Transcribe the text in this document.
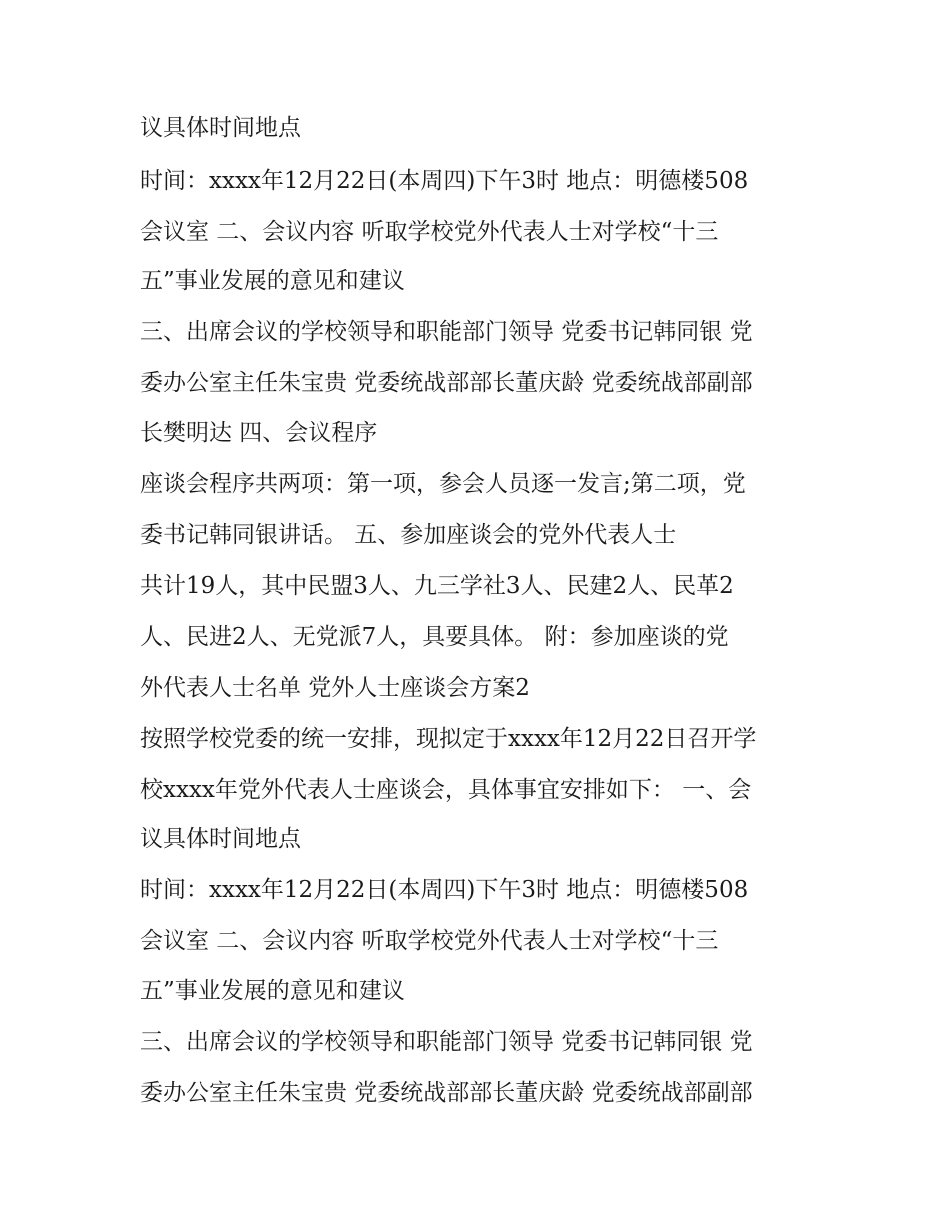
议具体时间地点
时间：xxxx年12月22日(本周四)下午3时 地点：明德楼508
会议室 二、会议内容 听取学校党外代表人士对学校“十三
五”事业发展的意见和建议
三、出席会议的学校领导和职能部门领导 党委书记韩同银 党
委办公室主任朱宝贵 党委统战部部长董庆龄 党委统战部副部
长樊明达 四、会议程序
座谈会程序共两项：第一项，参会人员逐一发言;第二项，党
委书记韩同银讲话。 五、参加座谈会的党外代表人士
共计19人，其中民盟3人、九三学社3人、民建2人、民革2
人、民进2人、无党派7人，具要具体。 附：参加座谈的党
外代表人士名单 党外人士座谈会方案2
按照学校党委的统一安排，现拟定于xxxx年12月22日召开学
校xxxx年党外代表人士座谈会，具体事宜安排如下： 一、会
议具体时间地点
时间：xxxx年12月22日(本周四)下午3时 地点：明德楼508
会议室 二、会议内容 听取学校党外代表人士对学校“十三
五”事业发展的意见和建议
三、出席会议的学校领导和职能部门领导 党委书记韩同银 党
委办公室主任朱宝贵 党委统战部部长董庆龄 党委统战部副部
